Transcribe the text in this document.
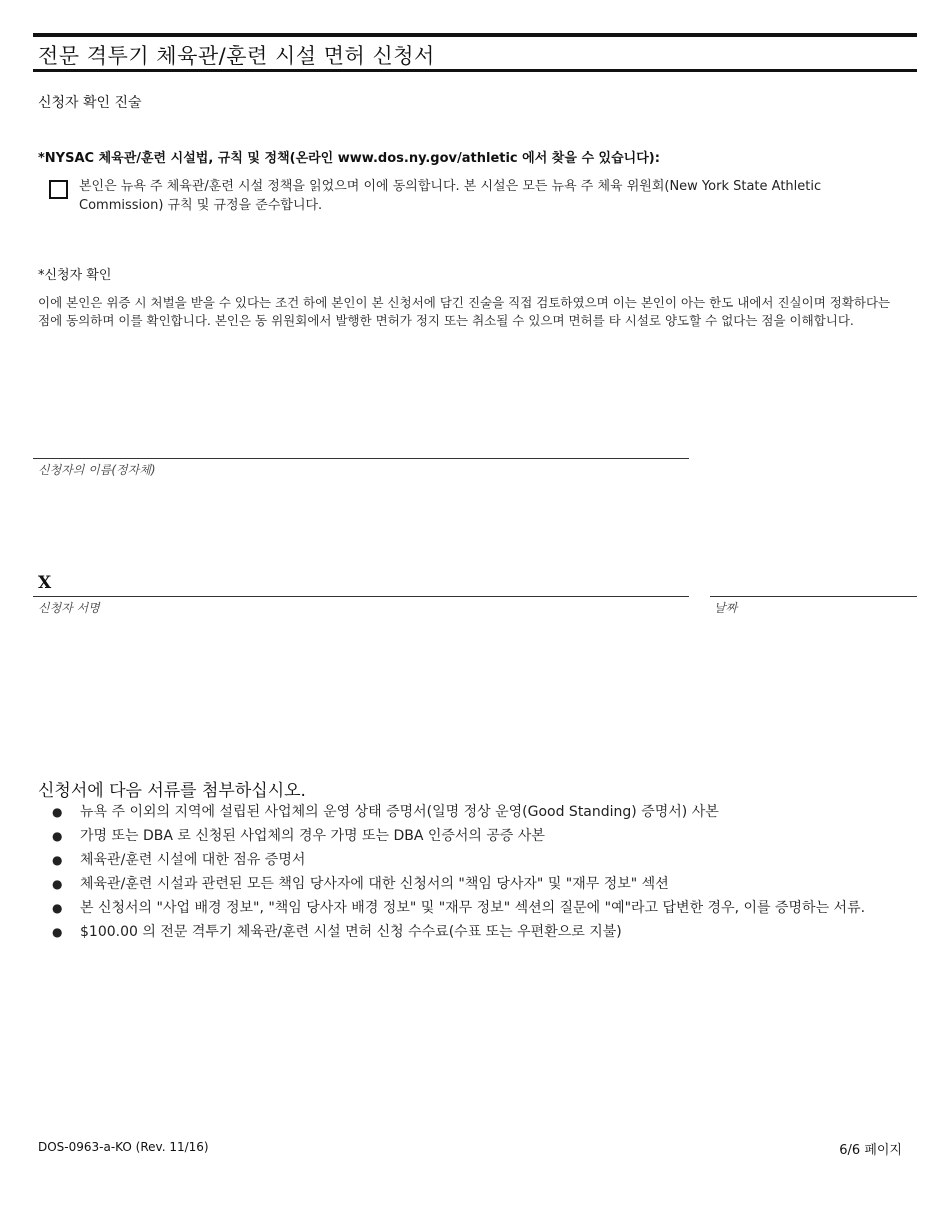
전문 격투기 체육관/훈련 시설 면허 신청서
신청자 확인 진술
*NYSAC 체육관/훈련 시설법, 규칙 및 정책(온라인 www.dos.ny.gov/athletic 에서 찾을 수 있습니다):
본인은 뉴욕 주 체육관/훈련 시설 정책을 읽었으며 이에 동의합니다. 본 시설은 모든 뉴욕 주 체육 위원회(New York State Athletic Commission) 규칙 및 규정을 준수합니다.
*신청자 확인
이에 본인은 위증 시 처벌을 받을 수 있다는 조건 하에 본인이 본 신청서에 담긴 진술을 직접 검토하였으며 이는 본인이 아는 한도 내에서 진실이며 정확하다는 점에 동의하며 이를 확인합니다. 본인은 동 위원회에서 발행한 면허가 정지 또는 취소될 수 있으며 면허를 타 시설로 양도할 수 없다는 점을 이해합니다.
신청자의 이름(정자체)
X
신청자 서명	날짜
신청서에 다음 서류를 첨부하십시오.
● 뉴욕 주 이외의 지역에 설립된 사업체의 운영 상태 증명서(일명 정상 운영(Good Standing) 증명서) 사본
● 가명 또는 DBA 로 신청된 사업체의 경우 가명 또는 DBA 인증서의 공증 사본
● 체육관/훈련 시설에 대한 점유 증명서
● 체육관/훈련 시설과 관련된 모든 책임 당사자에 대한 신청서의 "책임 당사자" 및 "재무 정보" 섹션
● 본 신청서의 "사업 배경 정보", "책임 당사자 배경 정보" 및 "재무 정보" 섹션의 질문에 "예"라고 답변한 경우, 이를 증명하는 서류.
● $100.00 의 전문 격투기 체육관/훈련 시설 면허 신청 수수료(수표 또는 우편환으로 지불)
DOS-0963-a-KO (Rev. 11/16)	6/6 페이지
